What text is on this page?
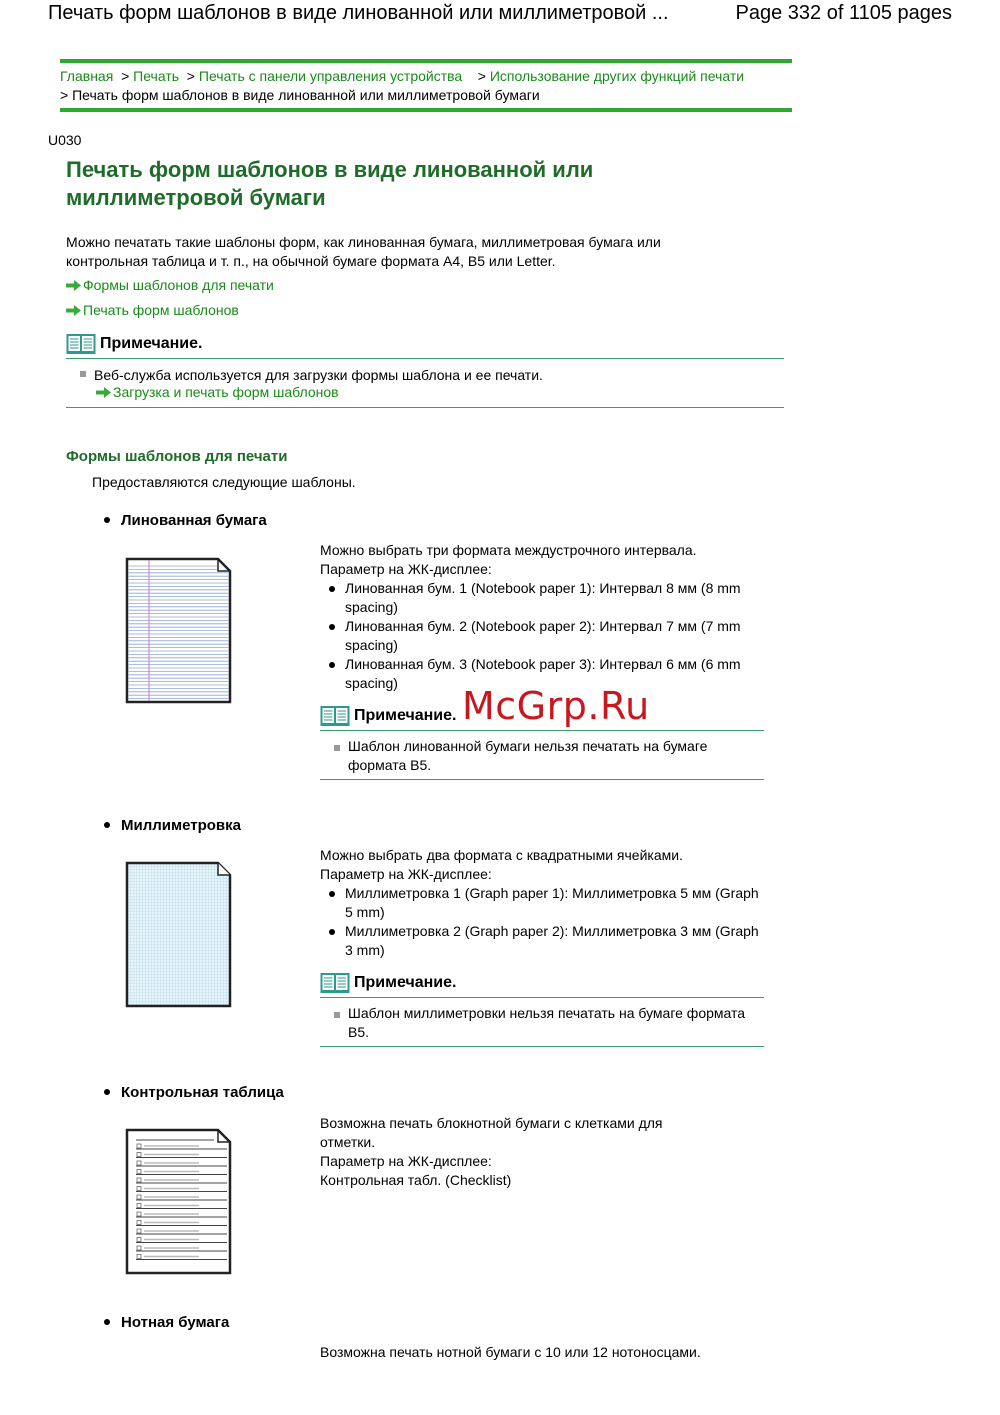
Печать форм шаблонов в виде линованной или миллиметровой ...	Page 332 of 1105 pages
Главная  > Печать  > Печать с панели управления устройства    > Использование других функций печати
> Печать форм шаблонов в виде линованной или миллиметровой бумаги
U030
Печать форм шаблонов в виде линованной или миллиметровой бумаги
Можно печатать такие шаблоны форм, как линованная бумага, миллиметровая бумага или контрольная таблица и т. п., на обычной бумаге формата A4, B5 или Letter.
Формы шаблонов для печати
Печать форм шаблонов
Примечание.
Веб-служба используется для загрузки формы шаблона и ее печати.
Загрузка и печать форм шаблонов
Формы шаблонов для печати
Предоставляются следующие шаблоны.
Линованная бумага
Можно выбрать три формата междустрочного интервала.
Параметр на ЖК-дисплее:
Линованная бум. 1 (Notebook paper 1): Интервал 8 мм (8 mm spacing)
Линованная бум. 2 (Notebook paper 2): Интервал 7 мм (7 mm spacing)
Линованная бум. 3 (Notebook paper 3): Интервал 6 мм (6 mm spacing)
Примечание.
Шаблон линованной бумаги нельзя печатать на бумаге формата B5.
Миллиметровка
Можно выбрать два формата с квадратными ячейками.
Параметр на ЖК-дисплее:
Миллиметровка 1 (Graph paper 1): Миллиметровка 5 мм (Graph 5 mm)
Миллиметровка 2 (Graph paper 2): Миллиметровка 3 мм (Graph 3 mm)
Примечание.
Шаблон миллиметровки нельзя печатать на бумаге формата B5.
Контрольная таблица
Возможна печать блокнотной бумаги с клетками для отметки.
Параметр на ЖК-дисплее:
Контрольная табл. (Checklist)
Нотная бумага
Возможна печать нотной бумаги с 10 или 12 нотоносцами.
McGrp.Ru
